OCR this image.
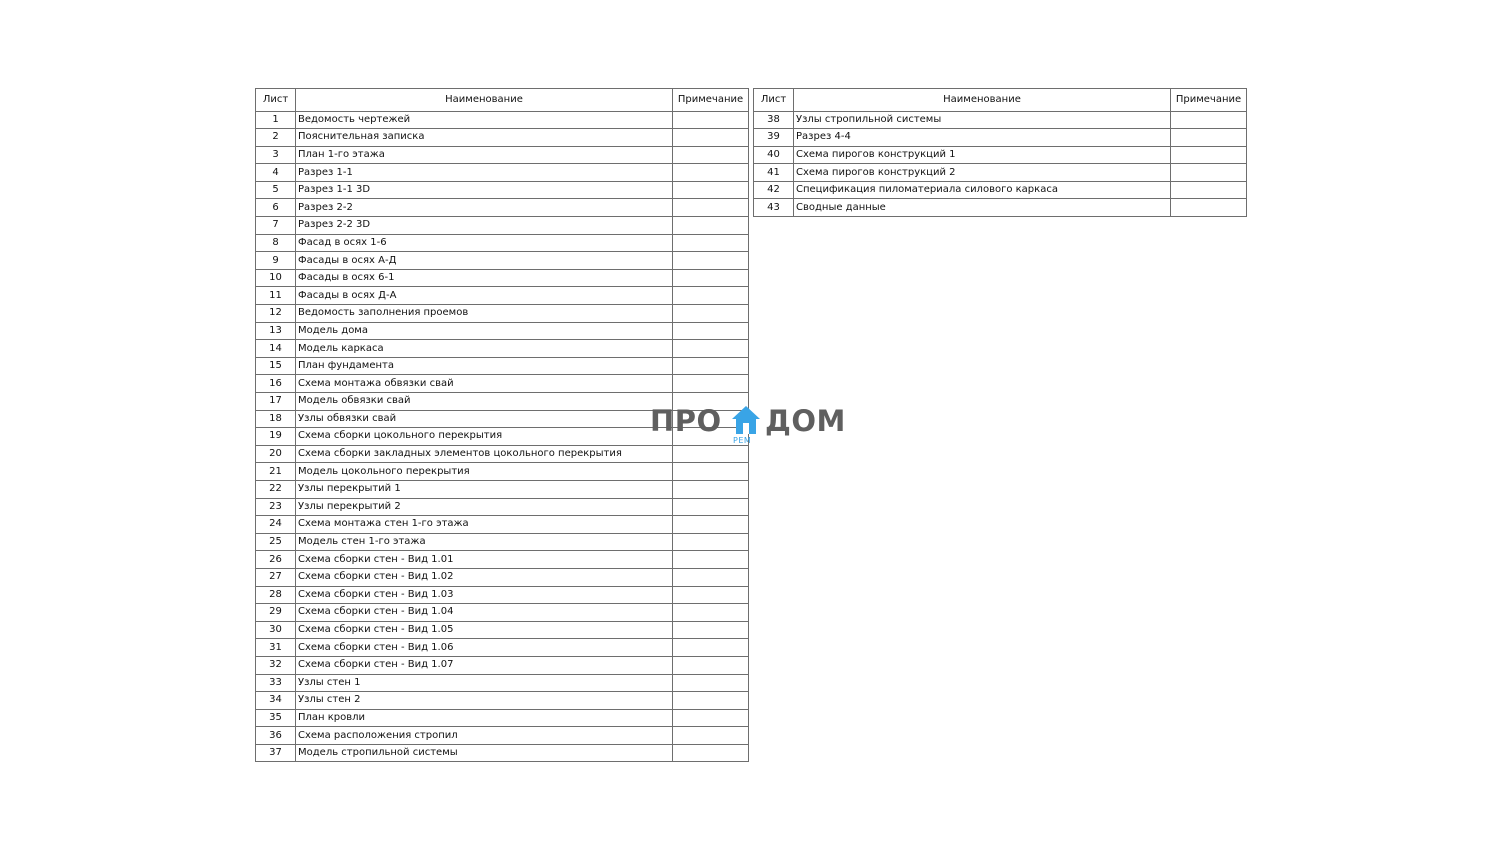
Лист	Наименование	Примечание
1	Ведомость чертежей	
2	Пояснительная записка	
3	План 1-го этажа	
4	Разрез 1-1	
5	Разрез 1-1 3D	
6	Разрез 2-2	
7	Разрез 2-2 3D	
8	Фасад в осях 1-6	
9	Фасады в осях А-Д	
10	Фасады в осях 6-1	
11	Фасады в осях Д-А	
12	Ведомость заполнения проемов	
13	Модель дома	
14	Модель каркаса	
15	План фундамента	
16	Схема монтажа обвязки свай	
17	Модель обвязки свай	
18	Узлы обвязки свай	
19	Схема сборки цокольного перекрытия	
20	Схема сборки закладных элементов цокольного перекрытия	
21	Модель цокольного перекрытия	
22	Узлы перекрытий 1	
23	Узлы перекрытий 2	
24	Схема монтажа стен 1-го этажа	
25	Модель стен 1-го этажа	
26	Схема сборки стен - Вид 1.01	
27	Схема сборки стен - Вид 1.02	
28	Схема сборки стен - Вид 1.03	
29	Схема сборки стен - Вид 1.04	
30	Схема сборки стен - Вид 1.05	
31	Схема сборки стен - Вид 1.06	
32	Схема сборки стен - Вид 1.07	
33	Узлы стен 1	
34	Узлы стен 2	
35	План кровли	
36	Схема расположения стропил	
37	Модель стропильной системы	
Лист	Наименование	Примечание
38	Узлы стропильной системы	
39	Разрез 4-4	
40	Схема пирогов конструкций 1	
41	Схема пирогов конструкций 2	
42	Спецификация пиломатериала силового каркаса	
43	Сводные данные	
ПРО
РЕМ
ДОМ
